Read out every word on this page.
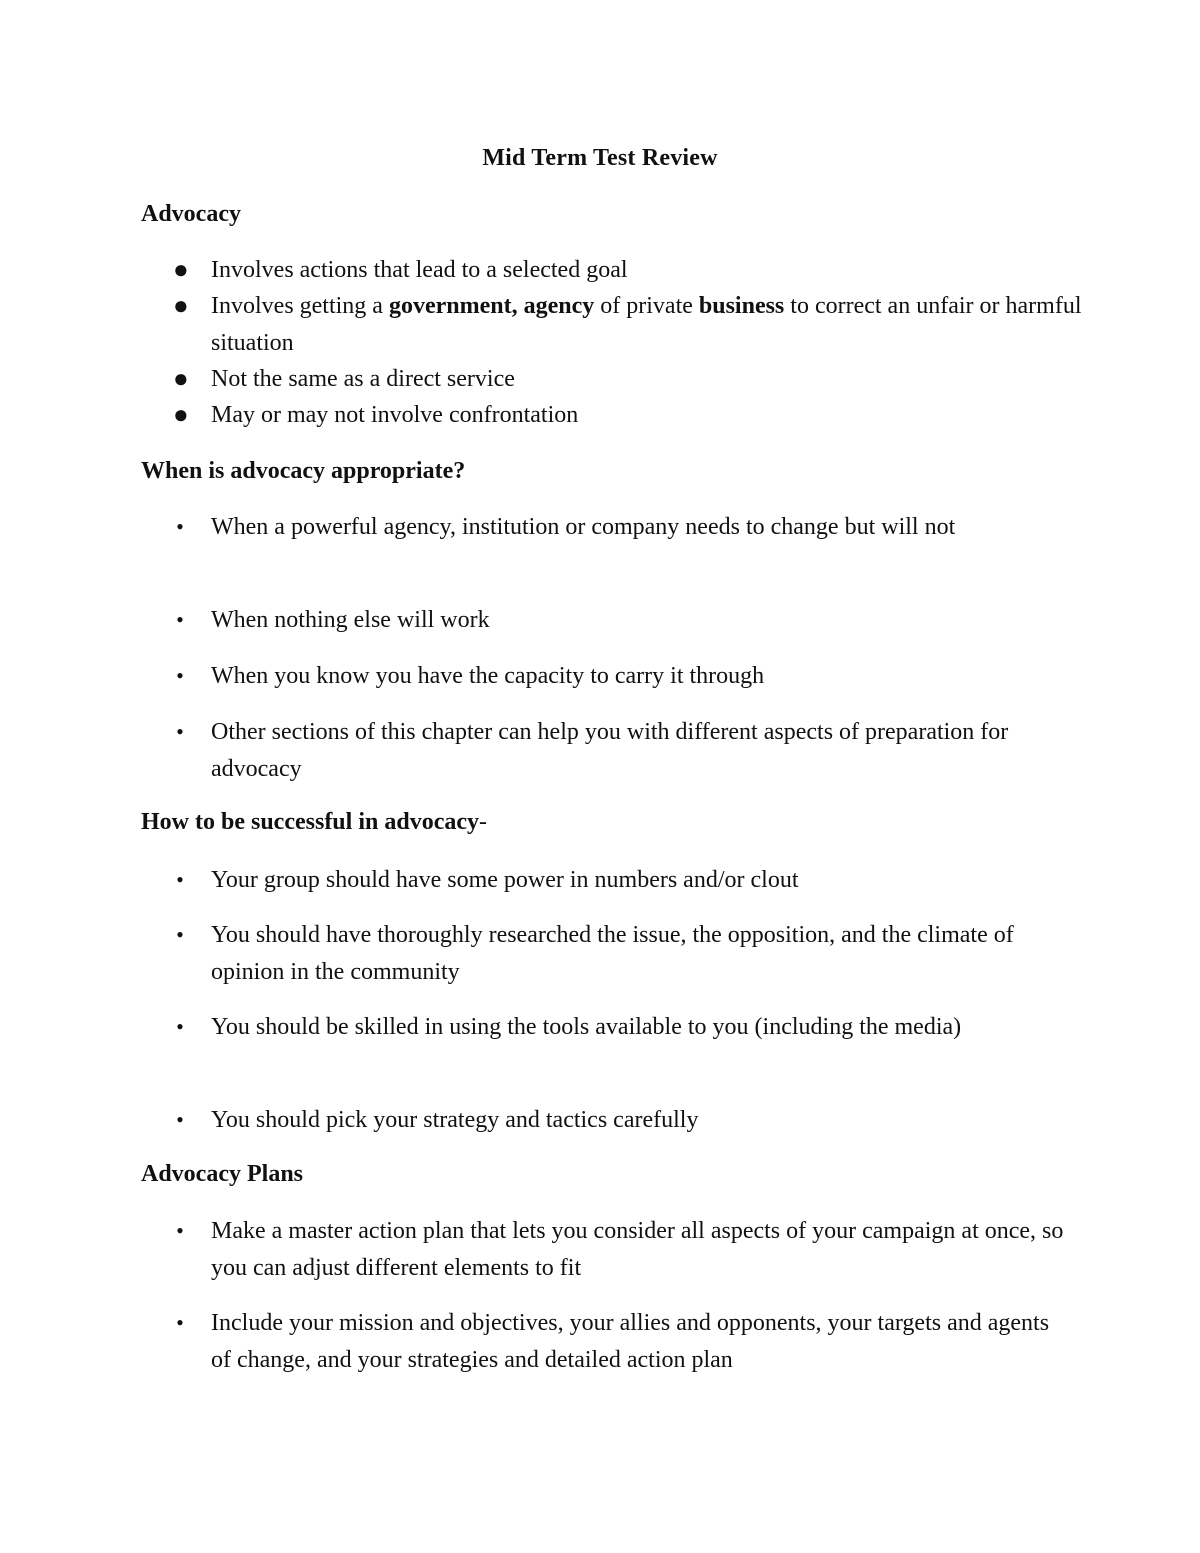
Mid Term Test Review
Advocacy
● Involves actions that lead to a selected goal
● Involves getting a government, agency of private business to correct an unfair or harmful situation
● Not the same as a direct service
● May or may not involve confrontation
When is advocacy appropriate?
• When a powerful agency, institution or company needs to change but will not
• When nothing else will work
• When you know you have the capacity to carry it through
• Other sections of this chapter can help you with different aspects of preparation for advocacy
How to be successful in advocacy-
• Your group should have some power in numbers and/or clout
• You should have thoroughly researched the issue, the opposition, and the climate of opinion in the community
• You should be skilled in using the tools available to you (including the media)
• You should pick your strategy and tactics carefully
Advocacy Plans
• Make a master action plan that lets you consider all aspects of your campaign at once, so you can adjust different elements to fit
• Include your mission and objectives, your allies and opponents, your targets and agents of change, and your strategies and detailed action plan
